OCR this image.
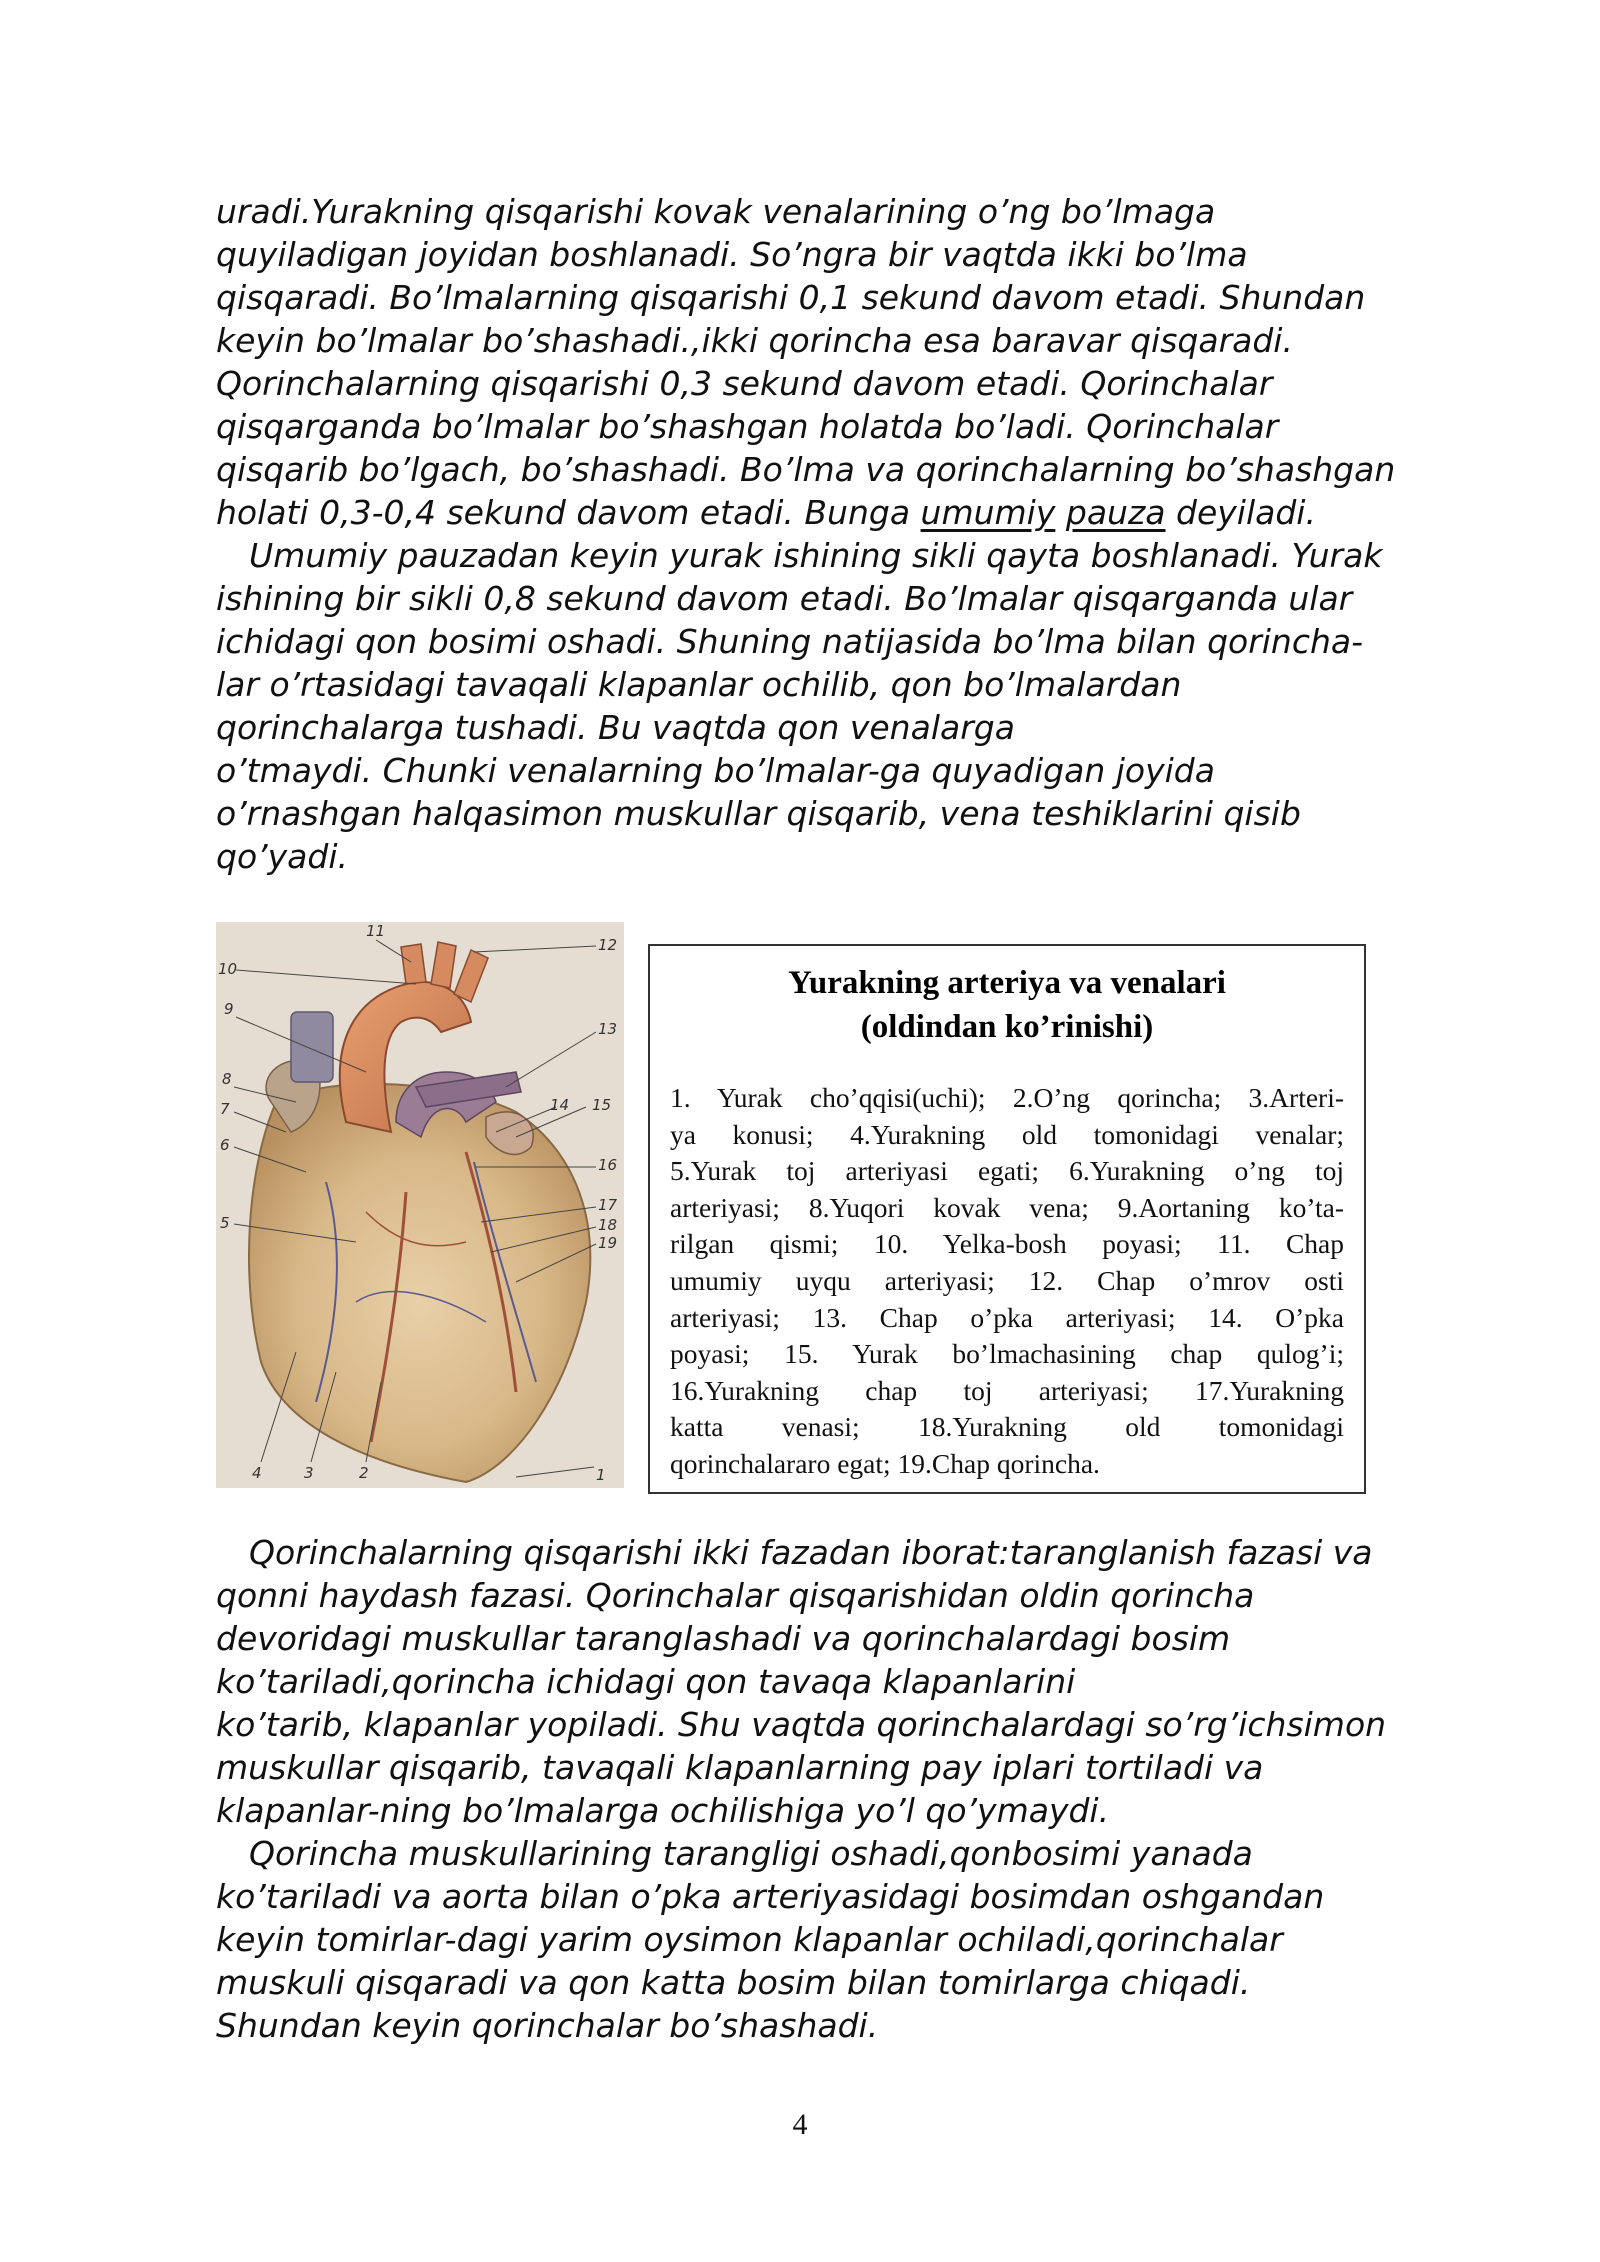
uradi.Yurakning qisqarishi kovak venalarining o’ng bo’lmaga
quyiladigan joyidan boshlanadi. So’ngra bir vaqtda ikki bo’lma
qisqaradi. Bo’lmalarning qisqarishi 0,1 sekund davom etadi. Shundan
keyin bo’lmalar bo’shashadi.,ikki qorincha esa baravar qisqaradi.
Qorinchalarning qisqarishi 0,3 sekund davom etadi. Qorinchalar
qisqarganda bo’lmalar bo’shashgan holatda bo’ladi. Qorinchalar
qisqarib bo’lgach, bo’shashadi. Bo’lma va qorinchalarning bo’shashgan
holati 0,3-0,4 sekund davom etadi. Bunga umumiy pauza deyiladi.
Umumiy pauzadan keyin yurak ishining sikli qayta boshlanadi. Yurak
ishining bir sikli 0,8 sekund davom etadi. Bo’lmalar qisqarganda ular
ichidagi qon bosimi oshadi. Shuning natijasida bo’lma bilan qorincha-
lar o’rtasidagi tavaqali klapanlar ochilib, qon bo’lmalardan
qorinchalarga tushadi. Bu vaqtda qon venalarga
o’tmaydi. Chunki venalarning bo’lmalar-ga quyadigan joyida
o’rnashgan halqasimon muskullar qisqarib, vena teshiklarini qisib
qo’yadi.
11
12
10
9
13
8
7	14 15
6
16
5
17
18
19
4	3	2	1
Yurakning arteriya va venalari
(oldindan ko’rinishi)
1. Yurak cho’qqisi(uchi); 2.O’ng qorincha; 3.Arteri-
ya konusi; 4.Yurakning old tomonidagi venalar;
5.Yurak toj arteriyasi egati; 6.Yurakning o’ng toj
arteriyasi; 8.Yuqori kovak vena; 9.Aortaning ko’ta-
rilgan qismi; 10. Yelka-bosh poyasi; 11. Chap
umumiy uyqu arteriyasi; 12. Chap o’mrov osti
arteriyasi; 13. Chap o’pka arteriyasi; 14. O’pka
poyasi; 15. Yurak bo’lmachasining chap qulog’i;
16.Yurakning chap toj arteriyasi; 17.Yurakning
katta venasi; 18.Yurakning old tomonidagi
qorinchalararo egat; 19.Chap qorincha.
Qorinchalarning qisqarishi ikki fazadan iborat:taranglanish fazasi va
qonni haydash fazasi. Qorinchalar qisqarishidan oldin qorincha
devoridagi muskullar taranglashadi va qorinchalardagi bosim
ko’tariladi,qorincha ichidagi qon tavaqa klapanlarini
ko’tarib, klapanlar yopiladi. Shu vaqtda qorinchalardagi so’rg’ichsimon
muskullar qisqarib, tavaqali klapanlarning pay iplari tortiladi va
klapanlar-ning bo’lmalarga ochilishiga yo’l qo’ymaydi.
Qorincha muskullarining tarangligi oshadi,qonbosimi yanada
ko’tariladi va aorta bilan o’pka arteriyasidagi bosimdan oshgandan
keyin tomirlar-dagi yarim oysimon klapanlar ochiladi,qorinchalar
muskuli qisqaradi va qon katta bosim bilan tomirlarga chiqadi.
Shundan keyin qorinchalar bo’shashadi.
4
